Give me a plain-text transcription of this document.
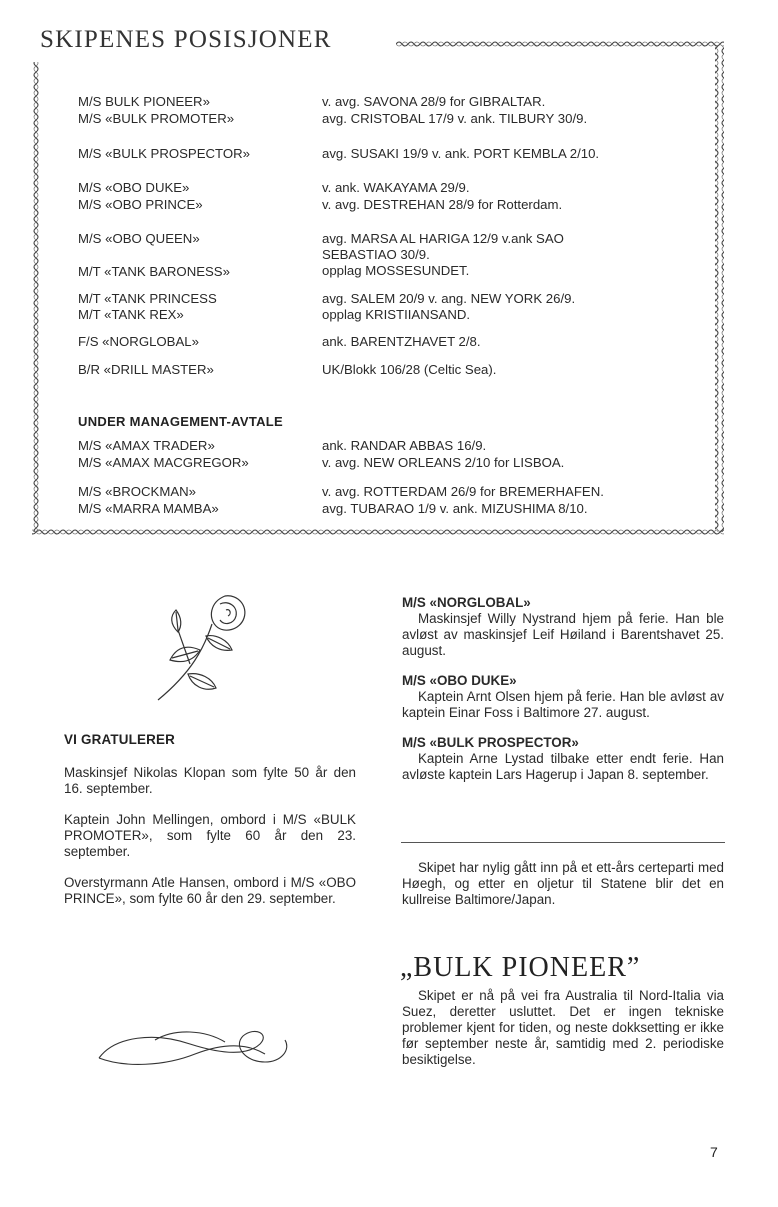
SKIPENES POSISJONER
M/S BULK PIONEER»	v. avg. SAVONA 28/9 for GIBRALTAR.
M/S «BULK PROMOTER»	avg. CRISTOBAL 17/9 v. ank. TILBURY 30/9.
M/S «BULK PROSPECTOR»	avg. SUSAKI 19/9 v. ank. PORT KEMBLA 2/10.
M/S «OBO DUKE»	v. ank. WAKAYAMA 29/9.
M/S «OBO PRINCE»	v. avg. DESTREHAN 28/9 for Rotterdam.
M/S «OBO QUEEN»	avg. MARSA AL HARIGA 12/9 v.ank SAO
SEBASTIAO 30/9.
M/T «TANK BARONESS»	opplag MOSSESUNDET.
M/T «TANK PRINCESS	avg. SALEM 20/9 v. ang. NEW YORK 26/9.
M/T «TANK REX»	opplag KRISTIIANSAND.
F/S «NORGLOBAL»	ank. BARENTZHAVET 2/8.
B/R «DRILL MASTER»	UK/Blokk 106/28 (Celtic Sea).
UNDER MANAGEMENT-AVTALE
M/S «AMAX TRADER»	ank. RANDAR ABBAS 16/9.
M/S «AMAX MACGREGOR»	v. avg. NEW ORLEANS 2/10 for LISBOA.
M/S «BROCKMAN»	v. avg. ROTTERDAM 26/9 for BREMERHAFEN.
M/S «MARRA MAMBA»	avg. TUBARAO 1/9 v. ank. MIZUSHIMA 8/10.
VI GRATULERER

Maskinsjef Nikolas Klopan som fylte 50 år den 16. september.

Kaptein John Mellingen, ombord i M/S «BULK PROMOTER», som fylte 60 år den 23. september.

Overstyrmann Atle Hansen, ombord i M/S «OBO PRINCE», som fylte 60 år den 29. september.

M/S «NORGLOBAL»

Maskinsjef Willy Nystrand hjem på ferie. Han ble avløst av maskinsjef Leif Høiland i Barentshavet 25. august.

M/S «OBO DUKE»

Kaptein Arnt Olsen hjem på ferie. Han ble avløst av kaptein Einar Foss i Baltimore 27. august.

M/S «BULK PROSPECTOR»

Kaptein Arne Lystad tilbake etter endt ferie. Han avløste kaptein Lars Hagerup i Japan 8. september.

Skipet har nylig gått inn på et ett-års certeparti med Høegh, og etter en oljetur til Statene blir det en kullreise Baltimore/Japan.
„BULK PIONEER”
Skipet er nå på vei fra Australia til Nord-Italia via Suez, deretter usluttet. Det er ingen tekniske problemer kjent for tiden, og neste dokksetting er ikke før september neste år, samtidig med 2. periodiske besiktigelse.
7
